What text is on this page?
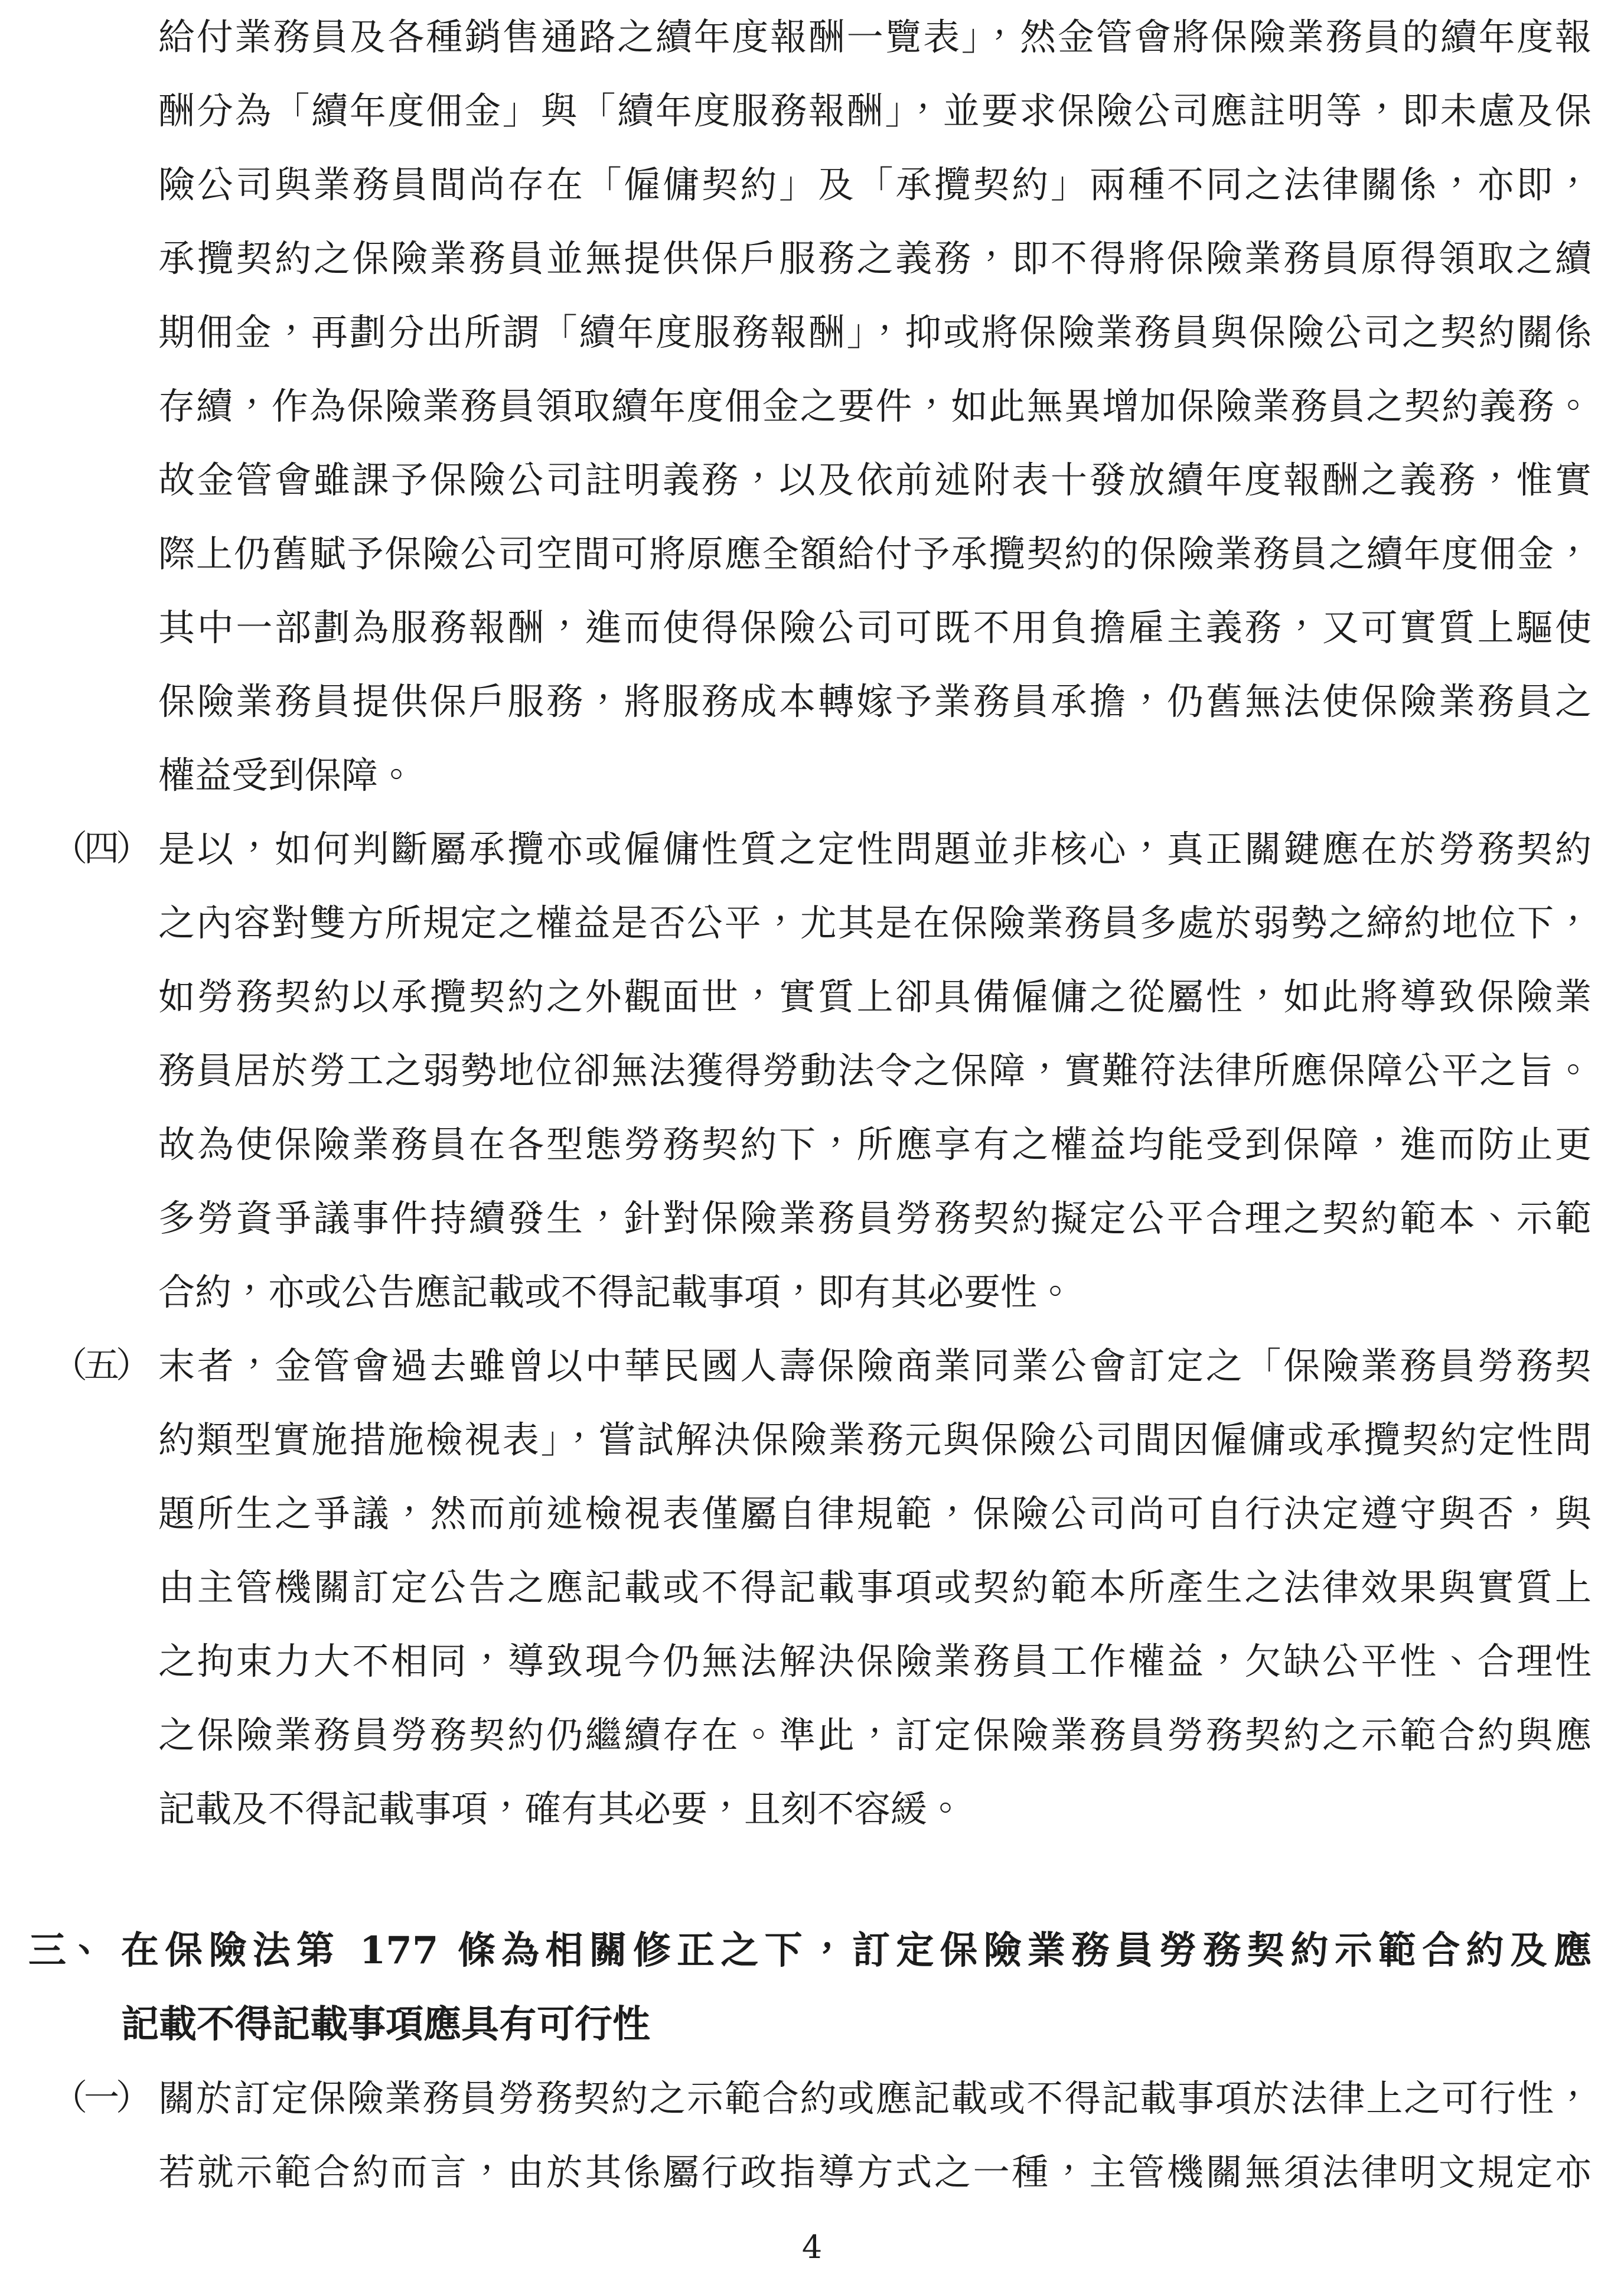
給付業務員及各種銷售通路之續年度報酬一覽表」，然金管會將保險業務員的續年度報
酬分為「續年度佣金」與「續年度服務報酬」，並要求保險公司應註明等，即未慮及保
險公司與業務員間尚存在「僱傭契約」及「承攬契約」兩種不同之法律關係，亦即，
承攬契約之保險業務員並無提供保戶服務之義務，即不得將保險業務員原得領取之續
期佣金，再劃分出所謂「續年度服務報酬」，抑或將保險業務員與保險公司之契約關係
存續，作為保險業務員領取續年度佣金之要件，如此無異增加保險業務員之契約義務。
故金管會雖課予保險公司註明義務，以及依前述附表十發放續年度報酬之義務，惟實
際上仍舊賦予保險公司空間可將原應全額給付予承攬契約的保險業務員之續年度佣金，
其中一部劃為服務報酬，進而使得保險公司可既不用負擔雇主義務，又可實質上驅使
保險業務員提供保戶服務，將服務成本轉嫁予業務員承擔，仍舊無法使保險業務員之
權益受到保障。
（四） 是以，如何判斷屬承攬亦或僱傭性質之定性問題並非核心，真正關鍵應在於勞務契約
之內容對雙方所規定之權益是否公平，尤其是在保險業務員多處於弱勢之締約地位下，
如勞務契約以承攬契約之外觀面世，實質上卻具備僱傭之從屬性，如此將導致保險業
務員居於勞工之弱勢地位卻無法獲得勞動法令之保障，實難符法律所應保障公平之旨。
故為使保險業務員在各型態勞務契約下，所應享有之權益均能受到保障，進而防止更
多勞資爭議事件持續發生，針對保險業務員勞務契約擬定公平合理之契約範本、示範
合約，亦或公告應記載或不得記載事項，即有其必要性。
（五） 末者，金管會過去雖曾以中華民國人壽保險商業同業公會訂定之「保險業務員勞務契
約類型實施措施檢視表」，嘗試解決保險業務元與保險公司間因僱傭或承攬契約定性問
題所生之爭議，然而前述檢視表僅屬自律規範，保險公司尚可自行決定遵守與否，與
由主管機關訂定公告之應記載或不得記載事項或契約範本所產生之法律效果與實質上
之拘束力大不相同，導致現今仍無法解決保險業務員工作權益，欠缺公平性、合理性
之保險業務員勞務契約仍繼續存在。準此，訂定保險業務員勞務契約之示範合約與應
記載及不得記載事項，確有其必要，且刻不容緩。
三、 在保險法第 177 條為相關修正之下，訂定保險業務員勞務契約示範合約及應
記載不得記載事項應具有可行性
（一） 關於訂定保險業務員勞務契約之示範合約或應記載或不得記載事項於法律上之可行性，
若就示範合約而言，由於其係屬行政指導方式之一種，主管機關無須法律明文規定亦
4
